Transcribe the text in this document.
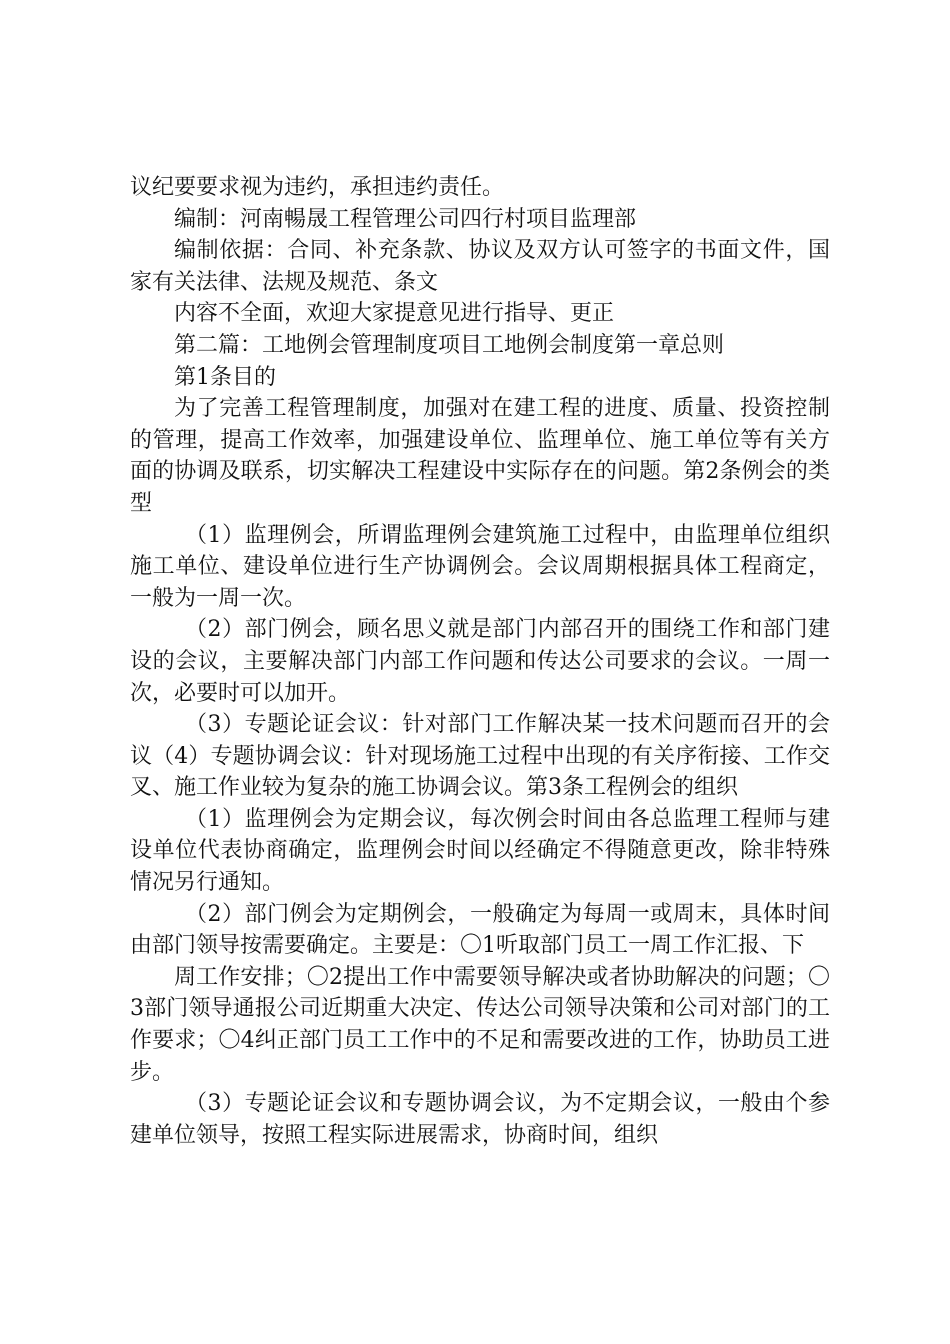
议纪要要求视为违约，承担违约责任。

编制：河南暢晟工程管理公司四行村项目监理部

编制依据：合同、补充条款、协议及双方认可签字的书面文件，国家有关法律、法规及规范、条文

内容不全面，欢迎大家提意见进行指导、更正

第二篇：工地例会管理制度项目工地例会制度第一章总则

第1条目的

为了完善工程管理制度，加强对在建工程的进度、质量、投资控制的管理，提高工作效率，加强建设单位、监理单位、施工单位等有关方面的协调及联系，切实解决工程建设中实际存在的问题。第2条例会的类型

（1）监理例会，所谓监理例会建筑施工过程中，由监理单位组织施工单位、建设单位进行生产协调例会。会议周期根据具体工程商定，一般为一周一次。

（2）部门例会，顾名思义就是部门内部召开的围绕工作和部门建设的会议，主要解决部门内部工作问题和传达公司要求的会议。一周一次，必要时可以加开。

（3）专题论证会议：针对部门工作解决某一技术问题而召开的会议（4）专题协调会议：针对现场施工过程中出现的有关序衔接、工作交叉、施工作业较为复杂的施工协调会议。第3条工程例会的组织

（1）监理例会为定期会议，每次例会时间由各总监理工程师与建设单位代表协商确定，监理例会时间以经确定不得随意更改，除非特殊情况另行通知。

（2）部门例会为定期例会，一般确定为每周一或周末，具体时间由部门领导按需要确定。主要是：〇1听取部门员工一周工作汇报、下

周工作安排；〇2提出工作中需要领导解决或者协助解决的问题；〇3部门领导通报公司近期重大决定、传达公司领导决策和公司对部门的工作要求；〇4纠正部门员工工作中的不足和需要改进的工作，协助员工进步。

（3）专题论证会议和专题协调会议，为不定期会议，一般由个参建单位领导，按照工程实际进展需求，协商时间，组织
